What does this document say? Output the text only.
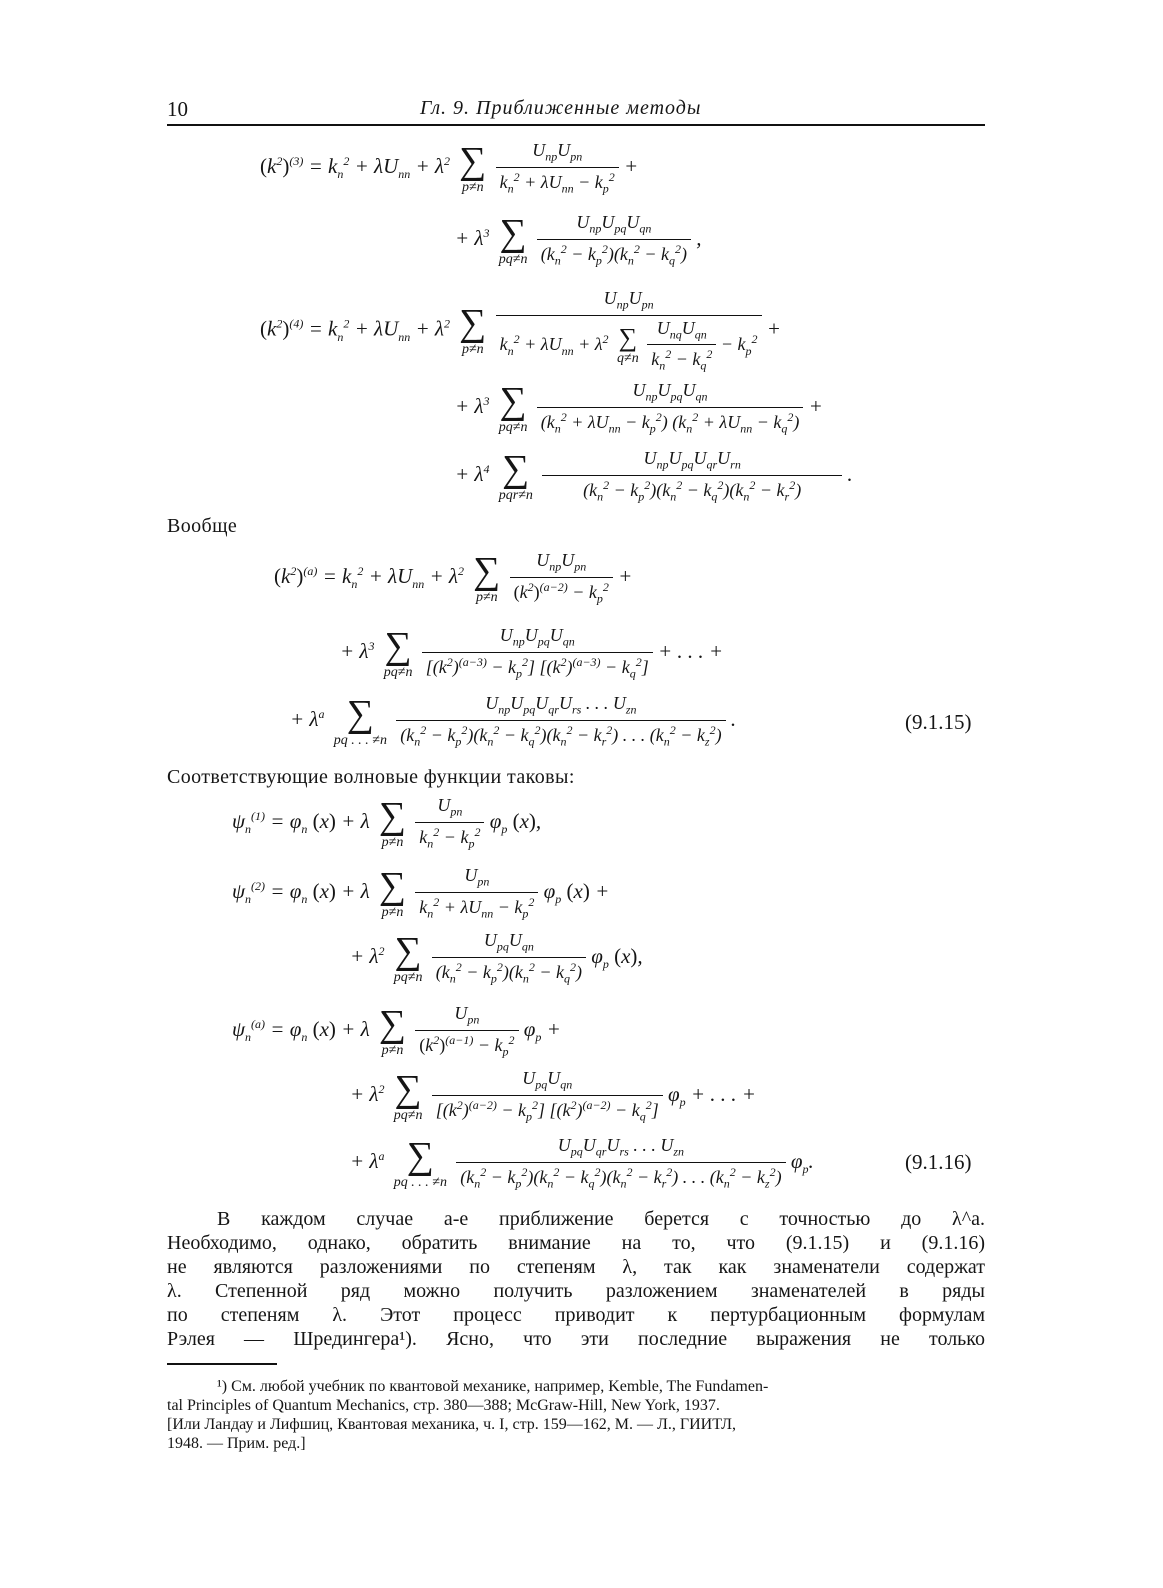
10	Гл. 9. Приближенные методы
$(k^2)^{(3)} = k_n^2 + \lambda U_{nn} + \lambda^2$ ∑
p≠n
$\frac{U_{np}U_{pn}}{k_n^2 + \lambda U_{nn} - k_p^2}$ +
+ $\lambda^3$ ∑
pq≠n
$\frac{U_{np}U_{pq}U_{qn}}{(k_n^2 - k_p^2)(k_n^2 - k_q^2)}$ ,
$(k^2)^{(4)} = k_n^2 + \lambda U_{nn} + \lambda^2$ ∑
p≠n
$U_{np}U_{pn}$
$k_n^2 + \lambda U_{nn} + \lambda^2$ ∑
q≠n
$\frac{U_{nq}U_{qn}}{k_n^2 - k_q^2} - k_p^2$ +
+ $\lambda^3$ ∑
pq≠n
$\frac{U_{np}U_{pq}U_{qn}}{(k_n^2 + \lambda U_{nn} - k_p^2) (k_n^2 + \lambda U_{nn} - k_q^2)}$ +
+ $\lambda^4$ ∑
pqr≠n
$\frac{U_{np}U_{pq}U_{qr}U_{rn}}{(k_n^2 - k_p^2)(k_n^2 - k_q^2)(k_n^2 - k_r^2)}$ .
Вообще
$(k^2)^{(a)} = k_n^2 + \lambda U_{nn} + \lambda^2$ ∑
p≠n
$\frac{U_{np}U_{pn}}{(k^2)^{(a-2)} - k_p^2}$ +
+ $\lambda^3$ ∑
pq≠n
$\frac{U_{np}U_{pq}U_{qn}}{[(k^2)^{(a-3)} - k_p^2] [(k^2)^{(a-3)} - k_q^2]}$ + . . . +
+ $\lambda^a$ ∑
pq . . . ≠n
$\frac{U_{np}U_{pq}U_{qr}U_{rs} . . . U_{zn}}{(k_n^2 - k_p^2)(k_n^2 - k_q^2)(k_n^2 - k_r^2) . . . (k_n^2 - k_z^2)}$ .	(9.1.15)
Соответствующие волновые функции таковы:
$\psi_n^{(1)} = \varphi_n$ (x) + λ ∑
p≠n
$\frac{U_{pn}}{k_n^2 - k_p^2} \varphi_p$ (x),
$\psi_n^{(2)} = \varphi_n$ (x) + λ ∑
p≠n
$\frac{U_{pn}}{k_n^2 + \lambda U_{nn} - k_p^2} \varphi_p$ (x) +
+ $\lambda^2$ ∑
pq≠n
$\frac{U_{pq}U_{qn}}{(k_n^2 - k_p^2)(k_n^2 - k_q^2)} \varphi_p$ (x),
$\psi_n^{(a)} = \varphi_n$ (x) + λ ∑
p≠n
$\frac{U_{pn}}{(k^2)^{(a-1)} - k_p^2} \varphi_p$ +
+ $\lambda^2$ ∑
pq≠n
$\frac{U_{pq}U_{qn}}{[(k^2)^{(a-2)} - k_p^2] [(k^2)^{(a-2)} - k_q^2]} \varphi_p$ + . . . +
+ $\lambda^a$ ∑
pq . . . ≠n
$\frac{U_{pq}U_{qr}U_{rs} . . . U_{zn}}{(k_n^2 - k_p^2)(k_n^2 - k_q^2)(k_n^2 - k_r^2) . . . (k_n^2 - k_z^2)} \varphi_p$.	(9.1.16)
В каждом случае a-е приближение берется с точностью до λ^a.
Необходимо, однако, обратить внимание на то, что (9.1.15) и (9.1.16)
не являются разложениями по степеням λ, так как знаменатели содержат
λ. Степенной ряд можно получить разложением знаменателей в ряды
по степеням λ. Этот процесс приводит к пертурбационным формулам
Рэлея — Шредингера¹). Ясно, что эти последние выражения не только
¹) См. любой учебник по квантовой механике, например, Kemble, The Fundamen-
tal Principles of Quantum Mechanics, стр. 380—388; McGraw-Hill, New York, 1937.
[Или Ландау и Лифшиц, Квантовая механика, ч. I, стр. 159—162, М. — Л., ГИИТЛ,
1948. — Прим. ред.]
